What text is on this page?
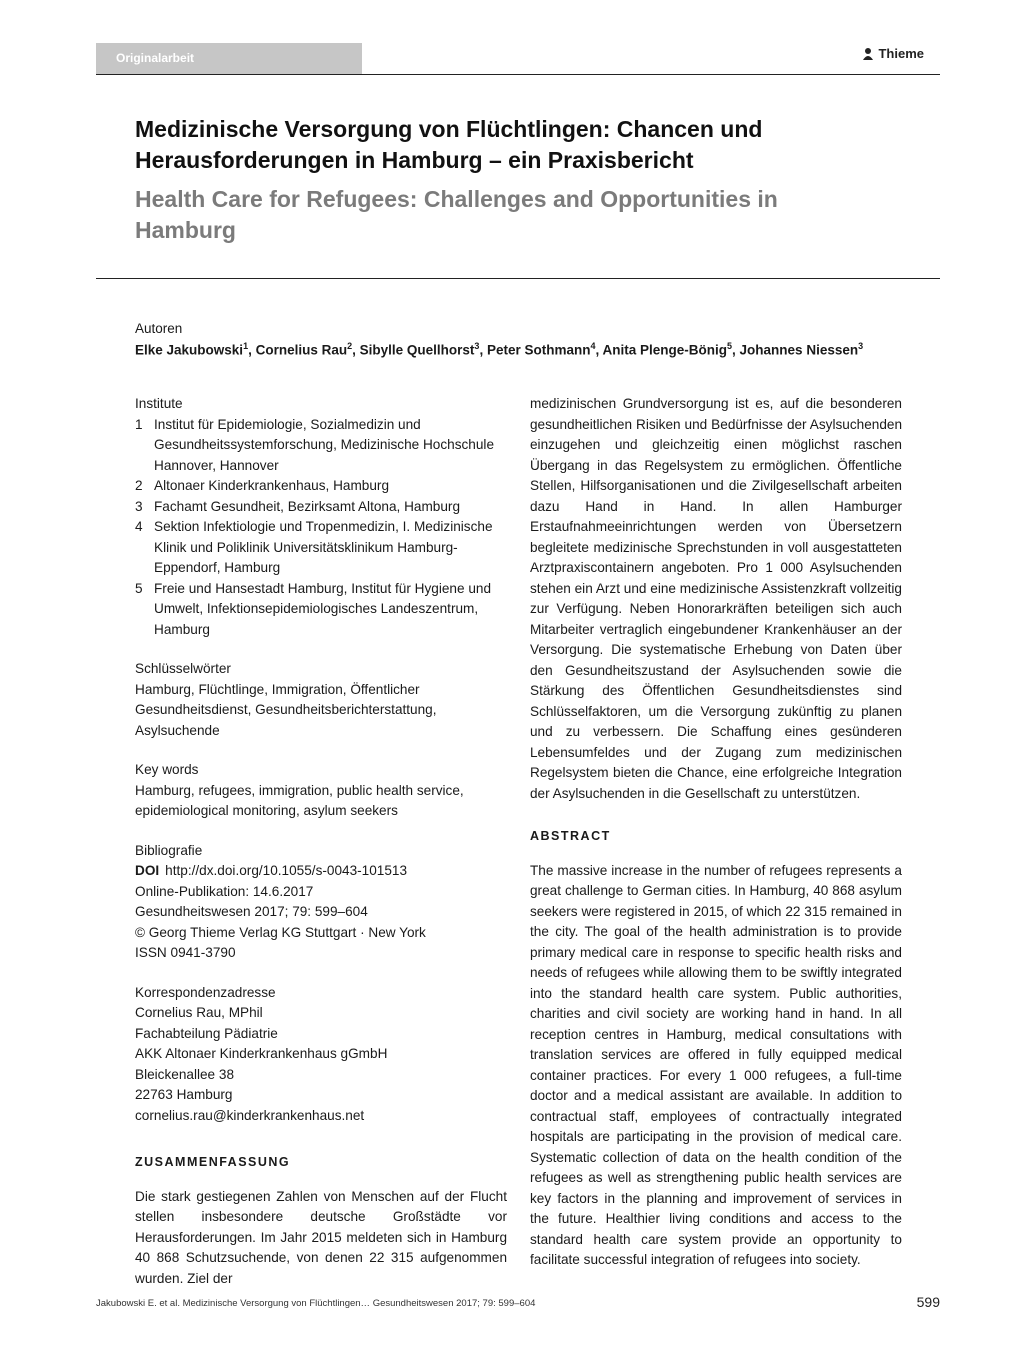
Originalarbeit	Thieme
Medizinische Versorgung von Flüchtlingen: Chancen und Herausforderungen in Hamburg – ein Praxisbericht
Health Care for Refugees: Challenges and Opportunities in Hamburg
Autoren
Elke Jakubowski$^1$, Cornelius Rau$^2$, Sibylle Quellhorst$^3$, Peter Sothmann$^4$, Anita Plenge-Bönig$^5$, Johannes Niessen$^3$
Institute
1 Institut für Epidemiologie, Sozialmedizin und Gesundheitssystemforschung, Medizinische Hochschule Hannover, Hannover
2 Altonaer Kinderkrankenhaus, Hamburg
3 Fachamt Gesundheit, Bezirksamt Altona, Hamburg
4 Sektion Infektiologie und Tropenmedizin, I. Medizinische Klinik und Poliklinik Universitätsklinikum Hamburg-Eppendorf, Hamburg
5 Freie und Hansestadt Hamburg, Institut für Hygiene und Umwelt, Infektionsepidemiologisches Landeszentrum, Hamburg
Schlüsselwörter
Hamburg, Flüchtlinge, Immigration, Öffentlicher Gesundheitsdienst, Gesundheitsberichterstattung, Asylsuchende
Key words
Hamburg, refugees, immigration, public health service, epidemiological monitoring, asylum seekers
Bibliografie
DOI http://dx.doi.org/10.1055/s-0043-101513
Online-Publikation: 14.6.2017
Gesundheitswesen 2017; 79: 599–604
© Georg Thieme Verlag KG Stuttgart · New York
ISSN 0941-3790
Korrespondenzadresse
Cornelius Rau, MPhil
Fachabteilung Pädiatrie
AKK Altonaer Kinderkrankenhaus gGmbH
Bleickenallee 38
22763 Hamburg
cornelius.rau@kinderkrankenhaus.net
ZUSAMMENFASSUNG
Die stark gestiegenen Zahlen von Menschen auf der Flucht stellen insbesondere deutsche Großstädte vor Herausforderungen. Im Jahr 2015 meldeten sich in Hamburg 40 868 Schutzsuchende, von denen 22 315 aufgenommen wurden. Ziel der
medizinischen Grundversorgung ist es, auf die besonderen gesundheitlichen Risiken und Bedürfnisse der Asylsuchenden einzugehen und gleichzeitig einen möglichst raschen Übergang in das Regelsystem zu ermöglichen. Öffentliche Stellen, Hilfsorganisationen und die Zivilgesellschaft arbeiten dazu Hand in Hand. In allen Hamburger Erstaufnahmeeinrichtungen werden von Übersetzern begleitete medizinische Sprechstunden in voll ausgestatteten Arztpraxiscontainern angeboten. Pro 1 000 Asylsuchenden stehen ein Arzt und eine medizinische Assistenzkraft vollzeitig zur Verfügung. Neben Honorarkräften beteiligen sich auch Mitarbeiter vertraglich eingebundener Krankenhäuser an der Versorgung. Die systematische Erhebung von Daten über den Gesundheitszustand der Asylsuchenden sowie die Stärkung des Öffentlichen Gesundheitsdienstes sind Schlüsselfaktoren, um die Versorgung zukünftig zu planen und zu verbessern. Die Schaffung eines gesünderen Lebensumfeldes und der Zugang zum medizinischen Regelsystem bieten die Chance, eine erfolgreiche Integration der Asylsuchenden in die Gesellschaft zu unterstützen.
ABSTRACT
The massive increase in the number of refugees represents a great challenge to German cities. In Hamburg, 40 868 asylum seekers were registered in 2015, of which 22 315 remained in the city. The goal of the health administration is to provide primary medical care in response to specific health risks and needs of refugees while allowing them to be swiftly integrated into the standard health care system. Public authorities, charities and civil society are working hand in hand. In all reception centres in Hamburg, medical consultations with translation services are offered in fully equipped medical container practices. For every 1 000 refugees, a full-time doctor and a medical assistant are available. In addition to contractual staff, employees of contractually integrated hospitals are participating in the provision of medical care. Systematic collection of data on the health condition of the refugees as well as strengthening public health services are key factors in the planning and improvement of services in the future. Healthier living conditions and access to the standard health care system provide an opportunity to facilitate successful integration of refugees into society.
Jakubowski E. et al. Medizinische Versorgung von Flüchtlingen… Gesundheitswesen 2017; 79: 599–604	599
